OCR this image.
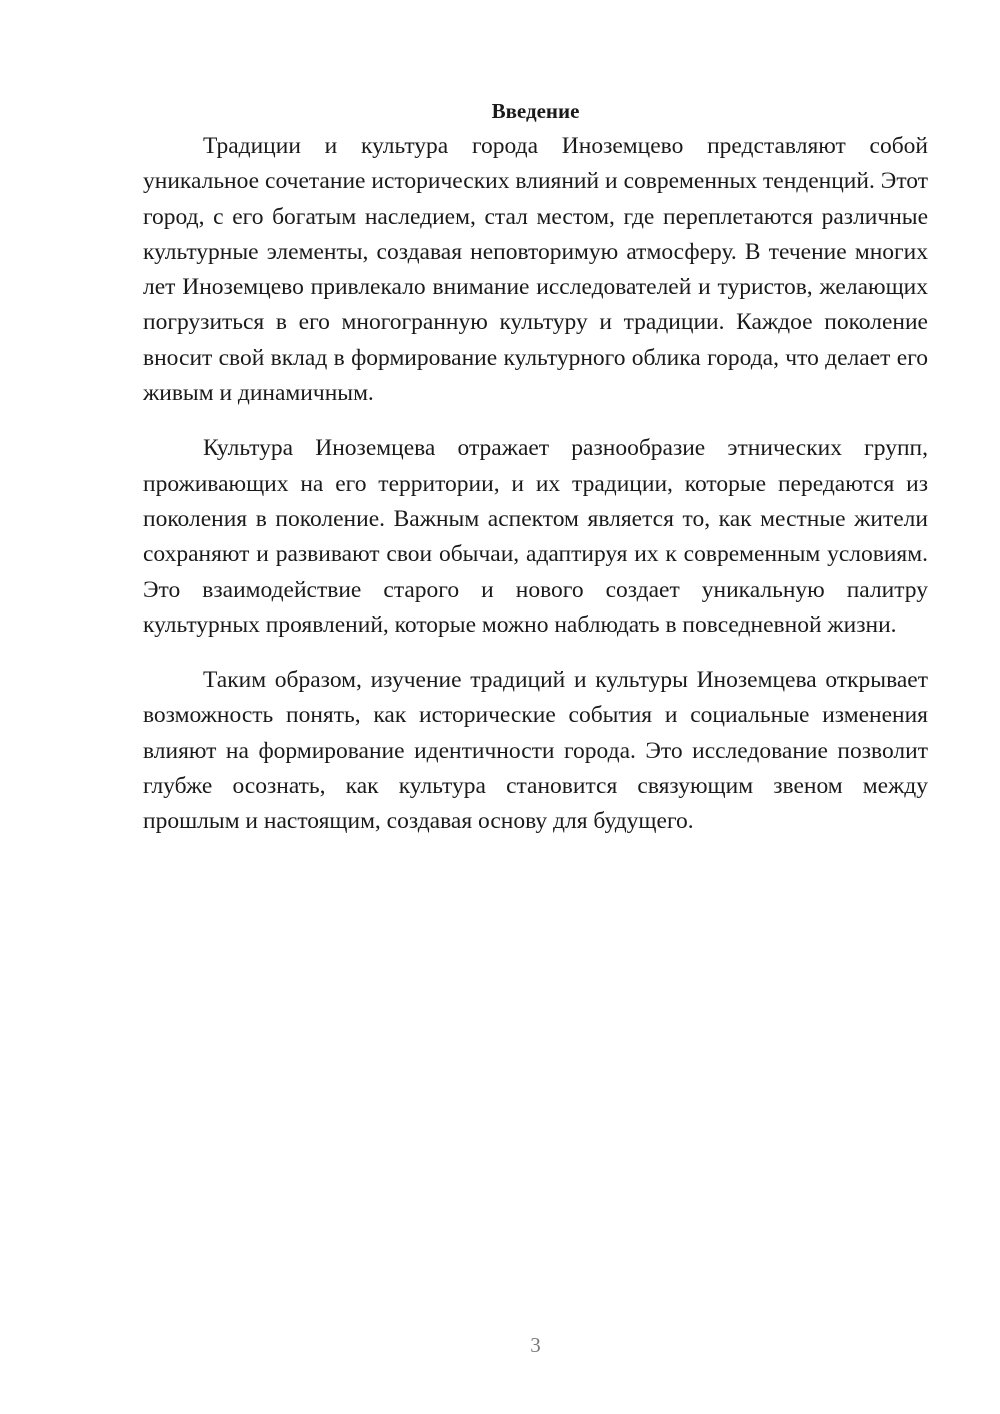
Введение

Традиции и культура города Иноземцево представляют собой уникальное сочетание исторических влияний и современных тенденций. Этот город, с его богатым наследием, стал местом, где переплетаются различные культурные элементы, создавая неповторимую атмосферу. В течение многих лет Иноземцево привлекало внимание исследователей и туристов, желающих погрузиться в его многогранную культуру и традиции. Каждое поколение вносит свой вклад в формирование культурного облика города, что делает его живым и динамичным.

Культура Иноземцева отражает разнообразие этнических групп, проживающих на его территории, и их традиции, которые передаются из поколения в поколение. Важным аспектом является то, как местные жители сохраняют и развивают свои обычаи, адаптируя их к современным условиям. Это взаимодействие старого и нового создает уникальную палитру культурных проявлений, которые можно наблюдать в повседневной жизни.

Таким образом, изучение традиций и культуры Иноземцева открывает возможность понять, как исторические события и социальные изменения влияют на формирование идентичности города. Это исследование позволит глубже осознать, как культура становится связующим звеном между прошлым и настоящим, создавая основу для будущего.

3
